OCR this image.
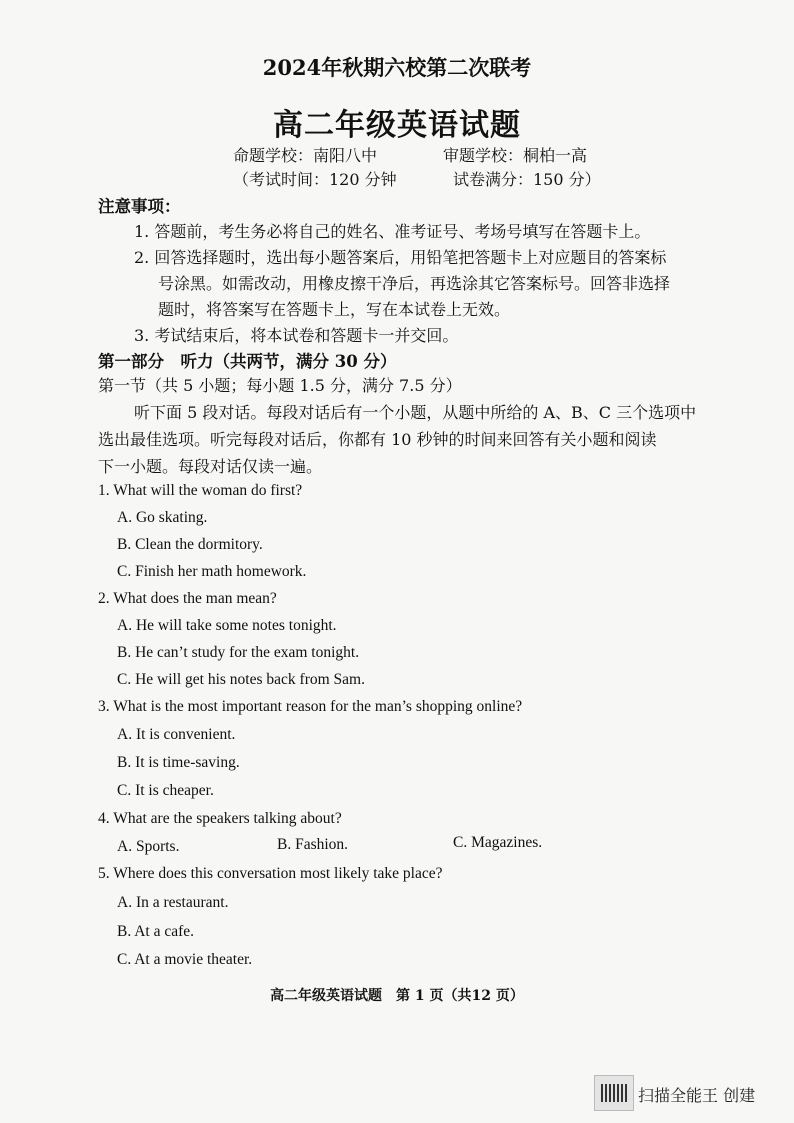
2024年秋期六校第二次联考
高二年级英语试题
命题学校：南阳八中	审题学校：桐柏一高
（考试时间：120 分钟	试卷满分：150 分）
注意事项：
1. 答题前，考生务必将自己的姓名、准考证号、考场号填写在答题卡上。
2. 回答选择题时，选出每小题答案后，用铅笔把答题卡上对应题目的答案标
号涂黑。如需改动，用橡皮擦干净后，再选涂其它答案标号。回答非选择
题时，将答案写在答题卡上，写在本试卷上无效。
3. 考试结束后，将本试卷和答题卡一并交回。
第一部分　听力（共两节，满分 30 分）
第一节（共 5 小题；每小题 1.5 分，满分 7.5 分）
听下面 5 段对话。每段对话后有一个小题，从题中所给的 A、B、C 三个选项中
选出最佳选项。听完每段对话后，你都有 10 秒钟的时间来回答有关小题和阅读
下一小题。每段对话仅读一遍。
1. What will the woman do first?
A. Go skating.
B. Clean the dormitory.
C. Finish her math homework.
2. What does the man mean?
A. He will take some notes tonight.
B. He can’t study for the exam tonight.
C. He will get his notes back from Sam.
3. What is the most important reason for the man’s shopping online?
A. It is convenient.
B. It is time-saving.
C. It is cheaper.
4. What are the speakers talking about?
A. Sports.	B. Fashion.	C. Magazines.
5. Where does this conversation most likely take place?
A. In a restaurant.
B. At a cafe.
C. At a movie theater.
高二年级英语试题　第 1 页（共12 页）
扫描全能王 创建
